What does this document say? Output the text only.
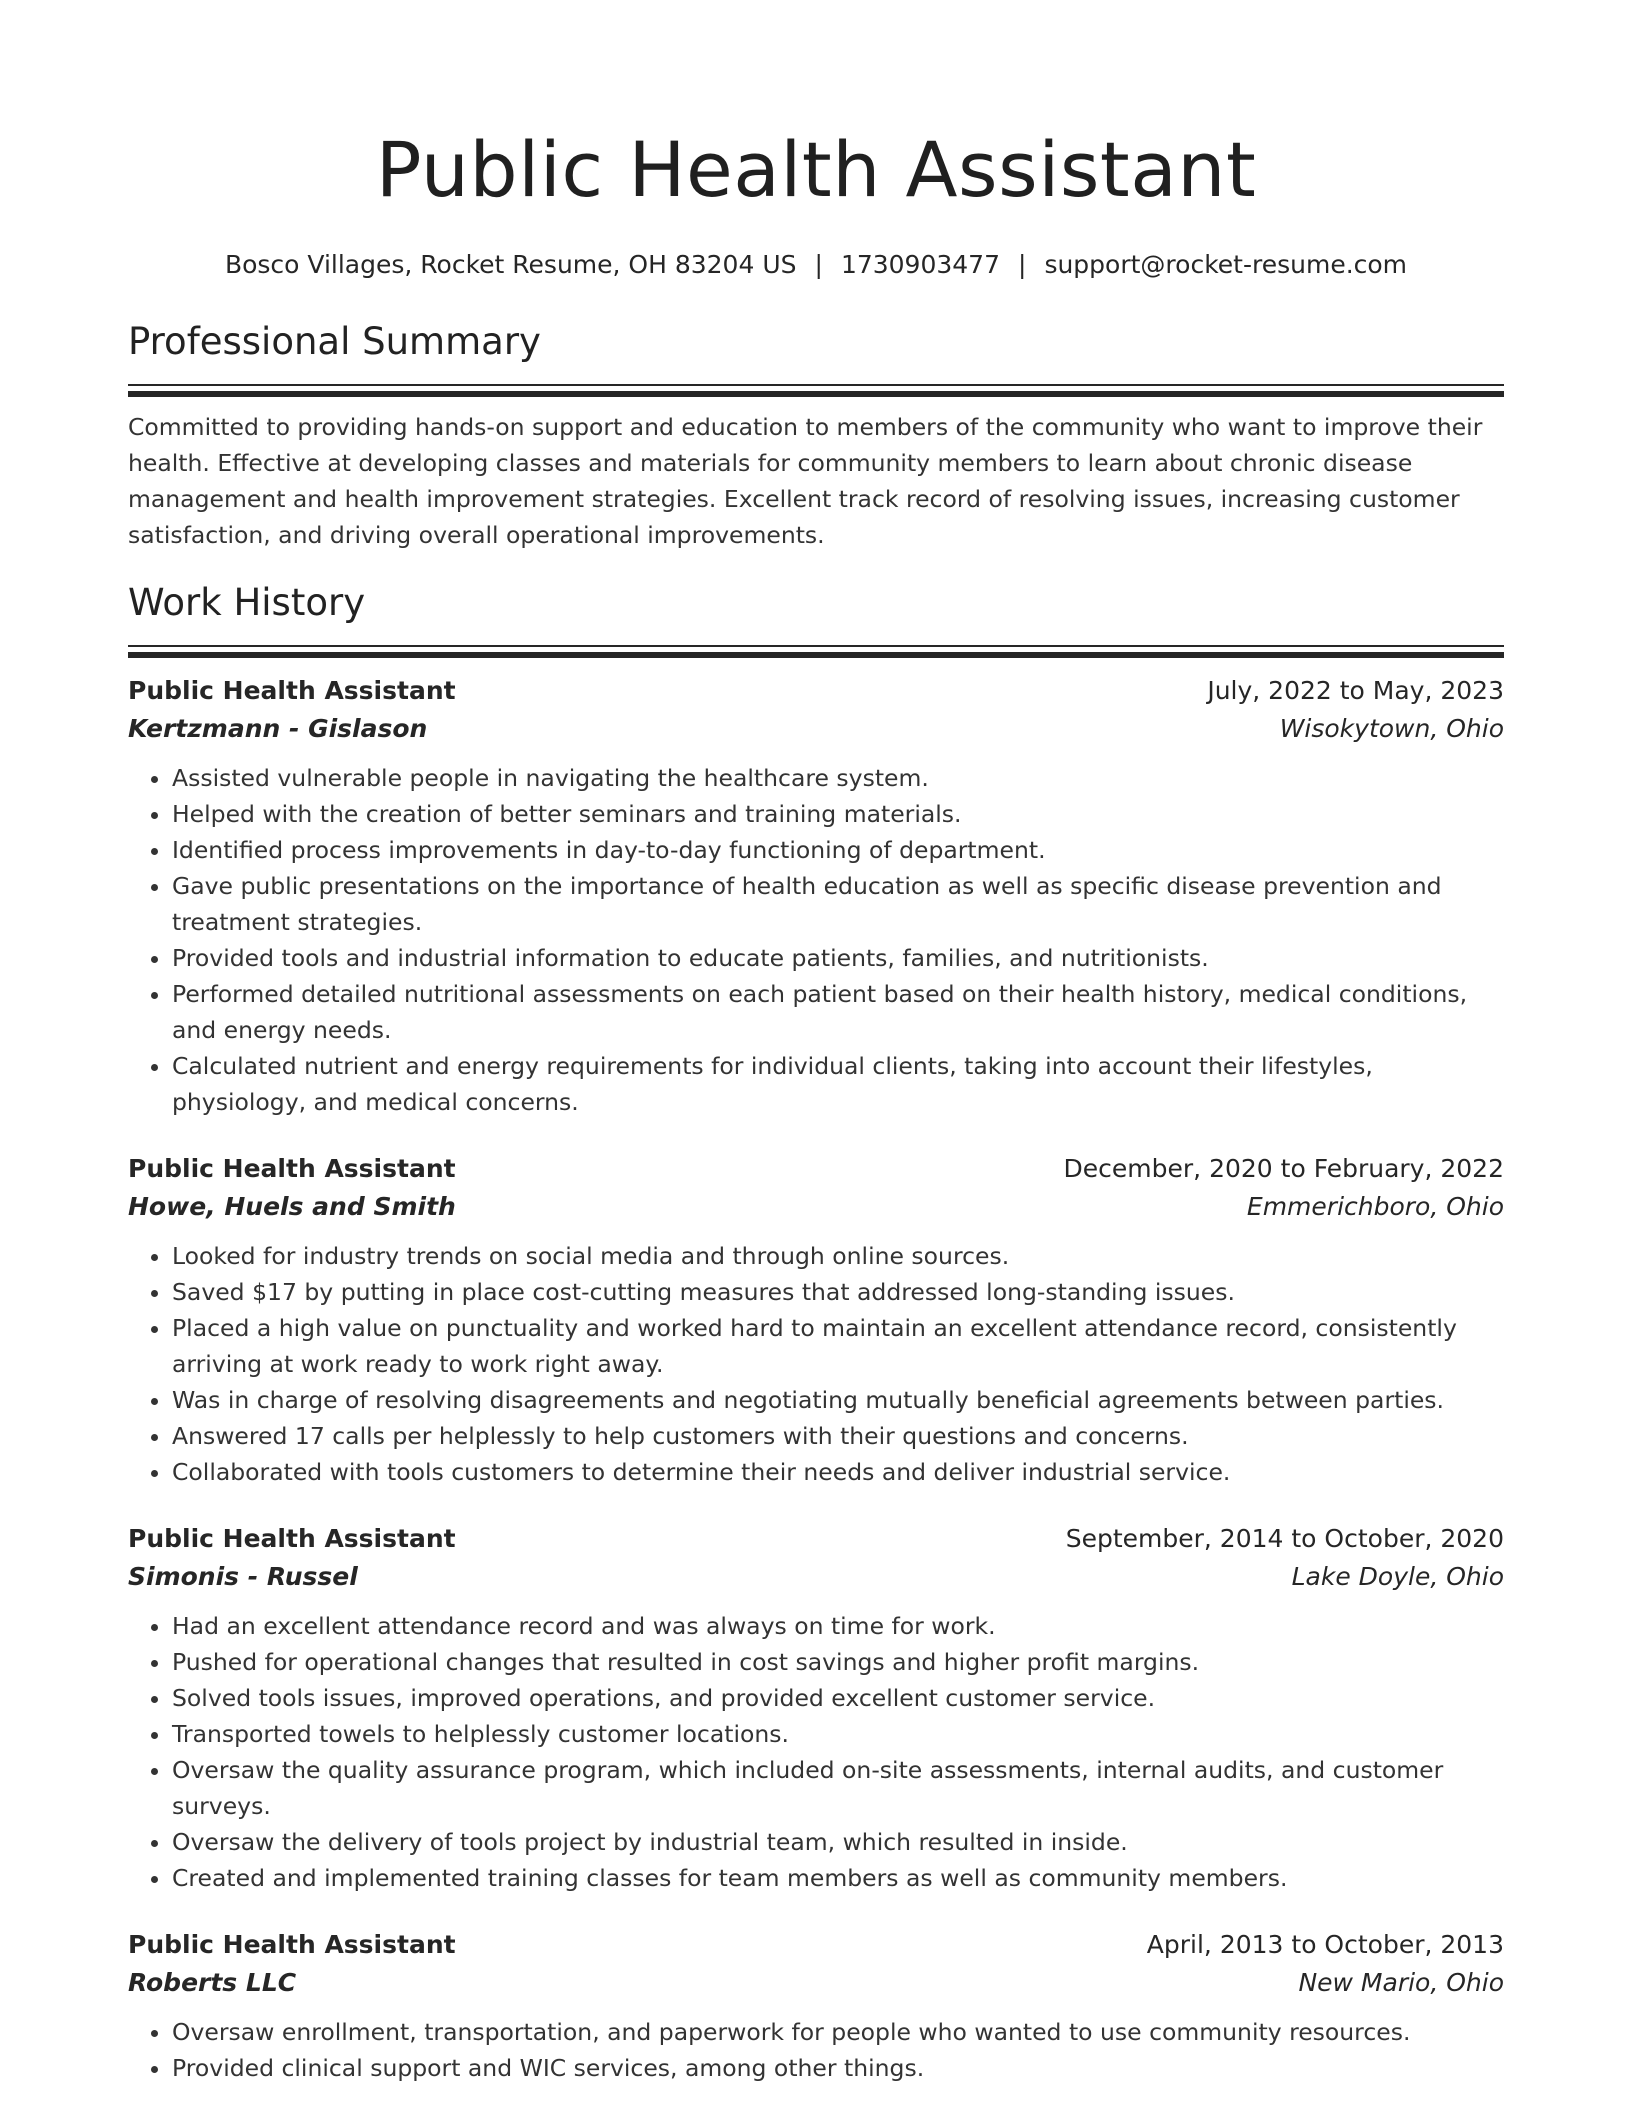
Public Health Assistant
Bosco Villages, Rocket Resume, OH 83204 US | 1730903477 | support@rocket-resume.com
Professional Summary

Committed to providing hands-on support and education to members of the community who want to improve their health. Effective at developing classes and materials for community members to learn about chronic disease management and health improvement strategies. Excellent track record of resolving issues, increasing customer satisfaction, and driving overall operational improvements.

Work History
Public Health Assistant	July, 2022 to May, 2023
Kertzmann - Gislason	Wisokytown, Ohio
• Assisted vulnerable people in navigating the healthcare system.
• Helped with the creation of better seminars and training materials.
• Identified process improvements in day-to-day functioning of department.
• Gave public presentations on the importance of health education as well as specific disease prevention and treatment strategies.
• Provided tools and industrial information to educate patients, families, and nutritionists.
• Performed detailed nutritional assessments on each patient based on their health history, medical conditions, and energy needs.
• Calculated nutrient and energy requirements for individual clients, taking into account their lifestyles, physiology, and medical concerns.
Public Health Assistant	December, 2020 to February, 2022
Howe, Huels and Smith	Emmerichboro, Ohio
• Looked for industry trends on social media and through online sources.
• Saved $17 by putting in place cost-cutting measures that addressed long-standing issues.
• Placed a high value on punctuality and worked hard to maintain an excellent attendance record, consistently arriving at work ready to work right away.
• Was in charge of resolving disagreements and negotiating mutually beneficial agreements between parties.
• Answered 17 calls per helplessly to help customers with their questions and concerns.
• Collaborated with tools customers to determine their needs and deliver industrial service.
Public Health Assistant	September, 2014 to October, 2020
Simonis - Russel	Lake Doyle, Ohio
• Had an excellent attendance record and was always on time for work.
• Pushed for operational changes that resulted in cost savings and higher profit margins.
• Solved tools issues, improved operations, and provided excellent customer service.
• Transported towels to helplessly customer locations.
• Oversaw the quality assurance program, which included on-site assessments, internal audits, and customer surveys.
• Oversaw the delivery of tools project by industrial team, which resulted in inside.
• Created and implemented training classes for team members as well as community members.
Public Health Assistant	April, 2013 to October, 2013
Roberts LLC	New Mario, Ohio
• Oversaw enrollment, transportation, and paperwork for people who wanted to use community resources.
• Provided clinical support and WIC services, among other things.
